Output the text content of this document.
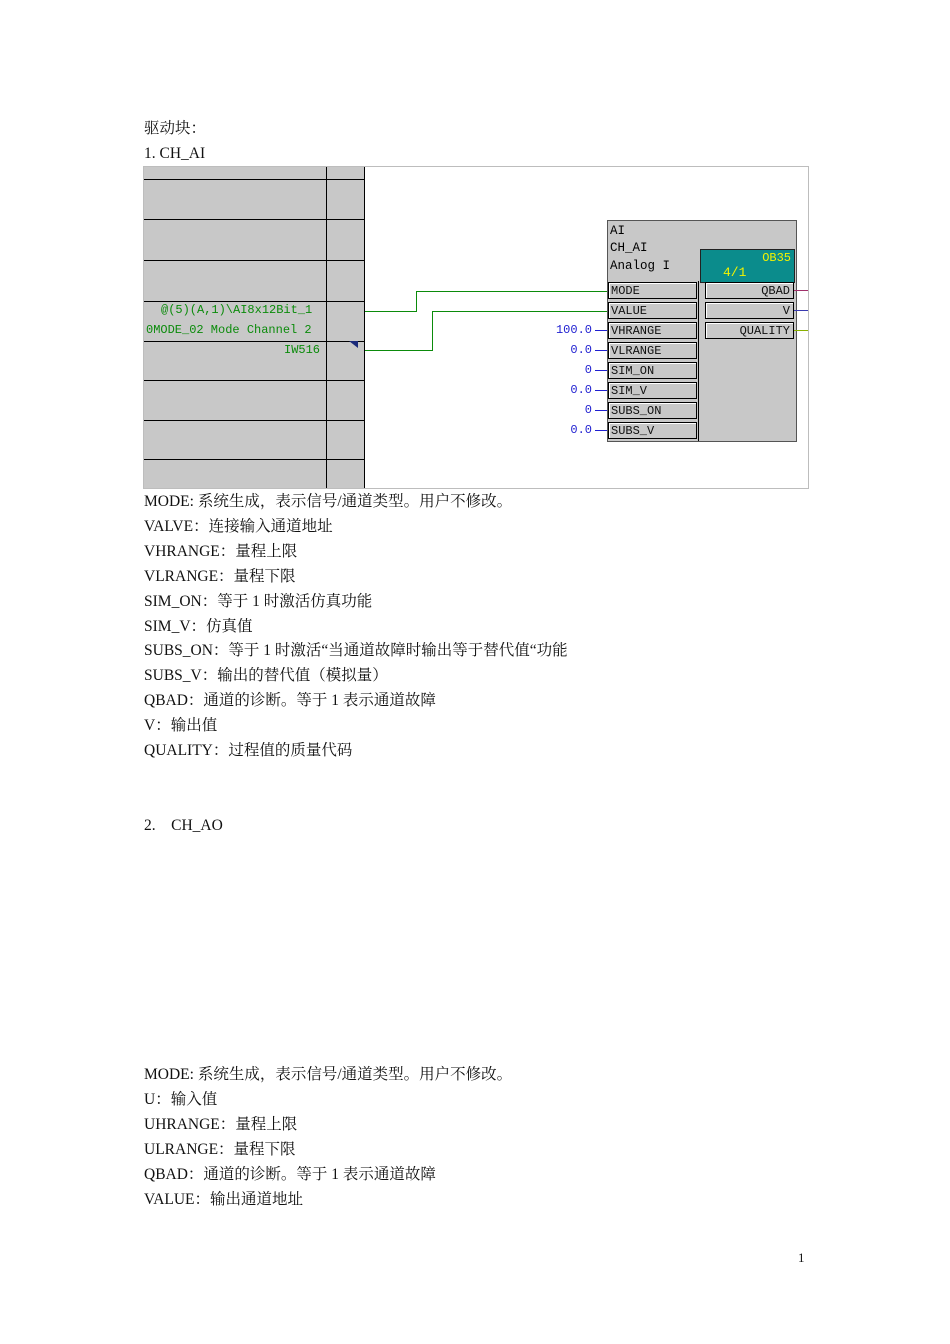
驱动块：
1. CH_AI
@(5)(A,1)\AI8x12Bit_1
0MODE_02 Mode Channel 2
IW516
AI
CH_AI
Analog I
OB35
4/1
MODE
VALUE
VHRANGE
VLRANGE
SIM_ON
SIM_V
SUBS_ON
SUBS_V
QBAD
V
QUALITY
100.0
0.0
0
0.0
0
0.0
MODE: 系统生成，表示信号/通道类型。用户不修改。
VALVE：连接输入通道地址
VHRANGE：量程上限
VLRANGE：量程下限
SIM_ON：等于 1 时激活仿真功能
SIM_V：仿真值
SUBS_ON：等于 1 时激活“当通道故障时输出等于替代值“功能
SUBS_V：输出的替代值（模拟量）
QBAD：通道的诊断。等于 1 表示通道故障
V：输出值
QUALITY：过程值的质量代码
2.　CH_AO
MODE: 系统生成，表示信号/通道类型。用户不修改。
U：输入值
UHRANGE：量程上限
ULRANGE：量程下限
QBAD：通道的诊断。等于 1 表示通道故障
VALUE：输出通道地址
1
